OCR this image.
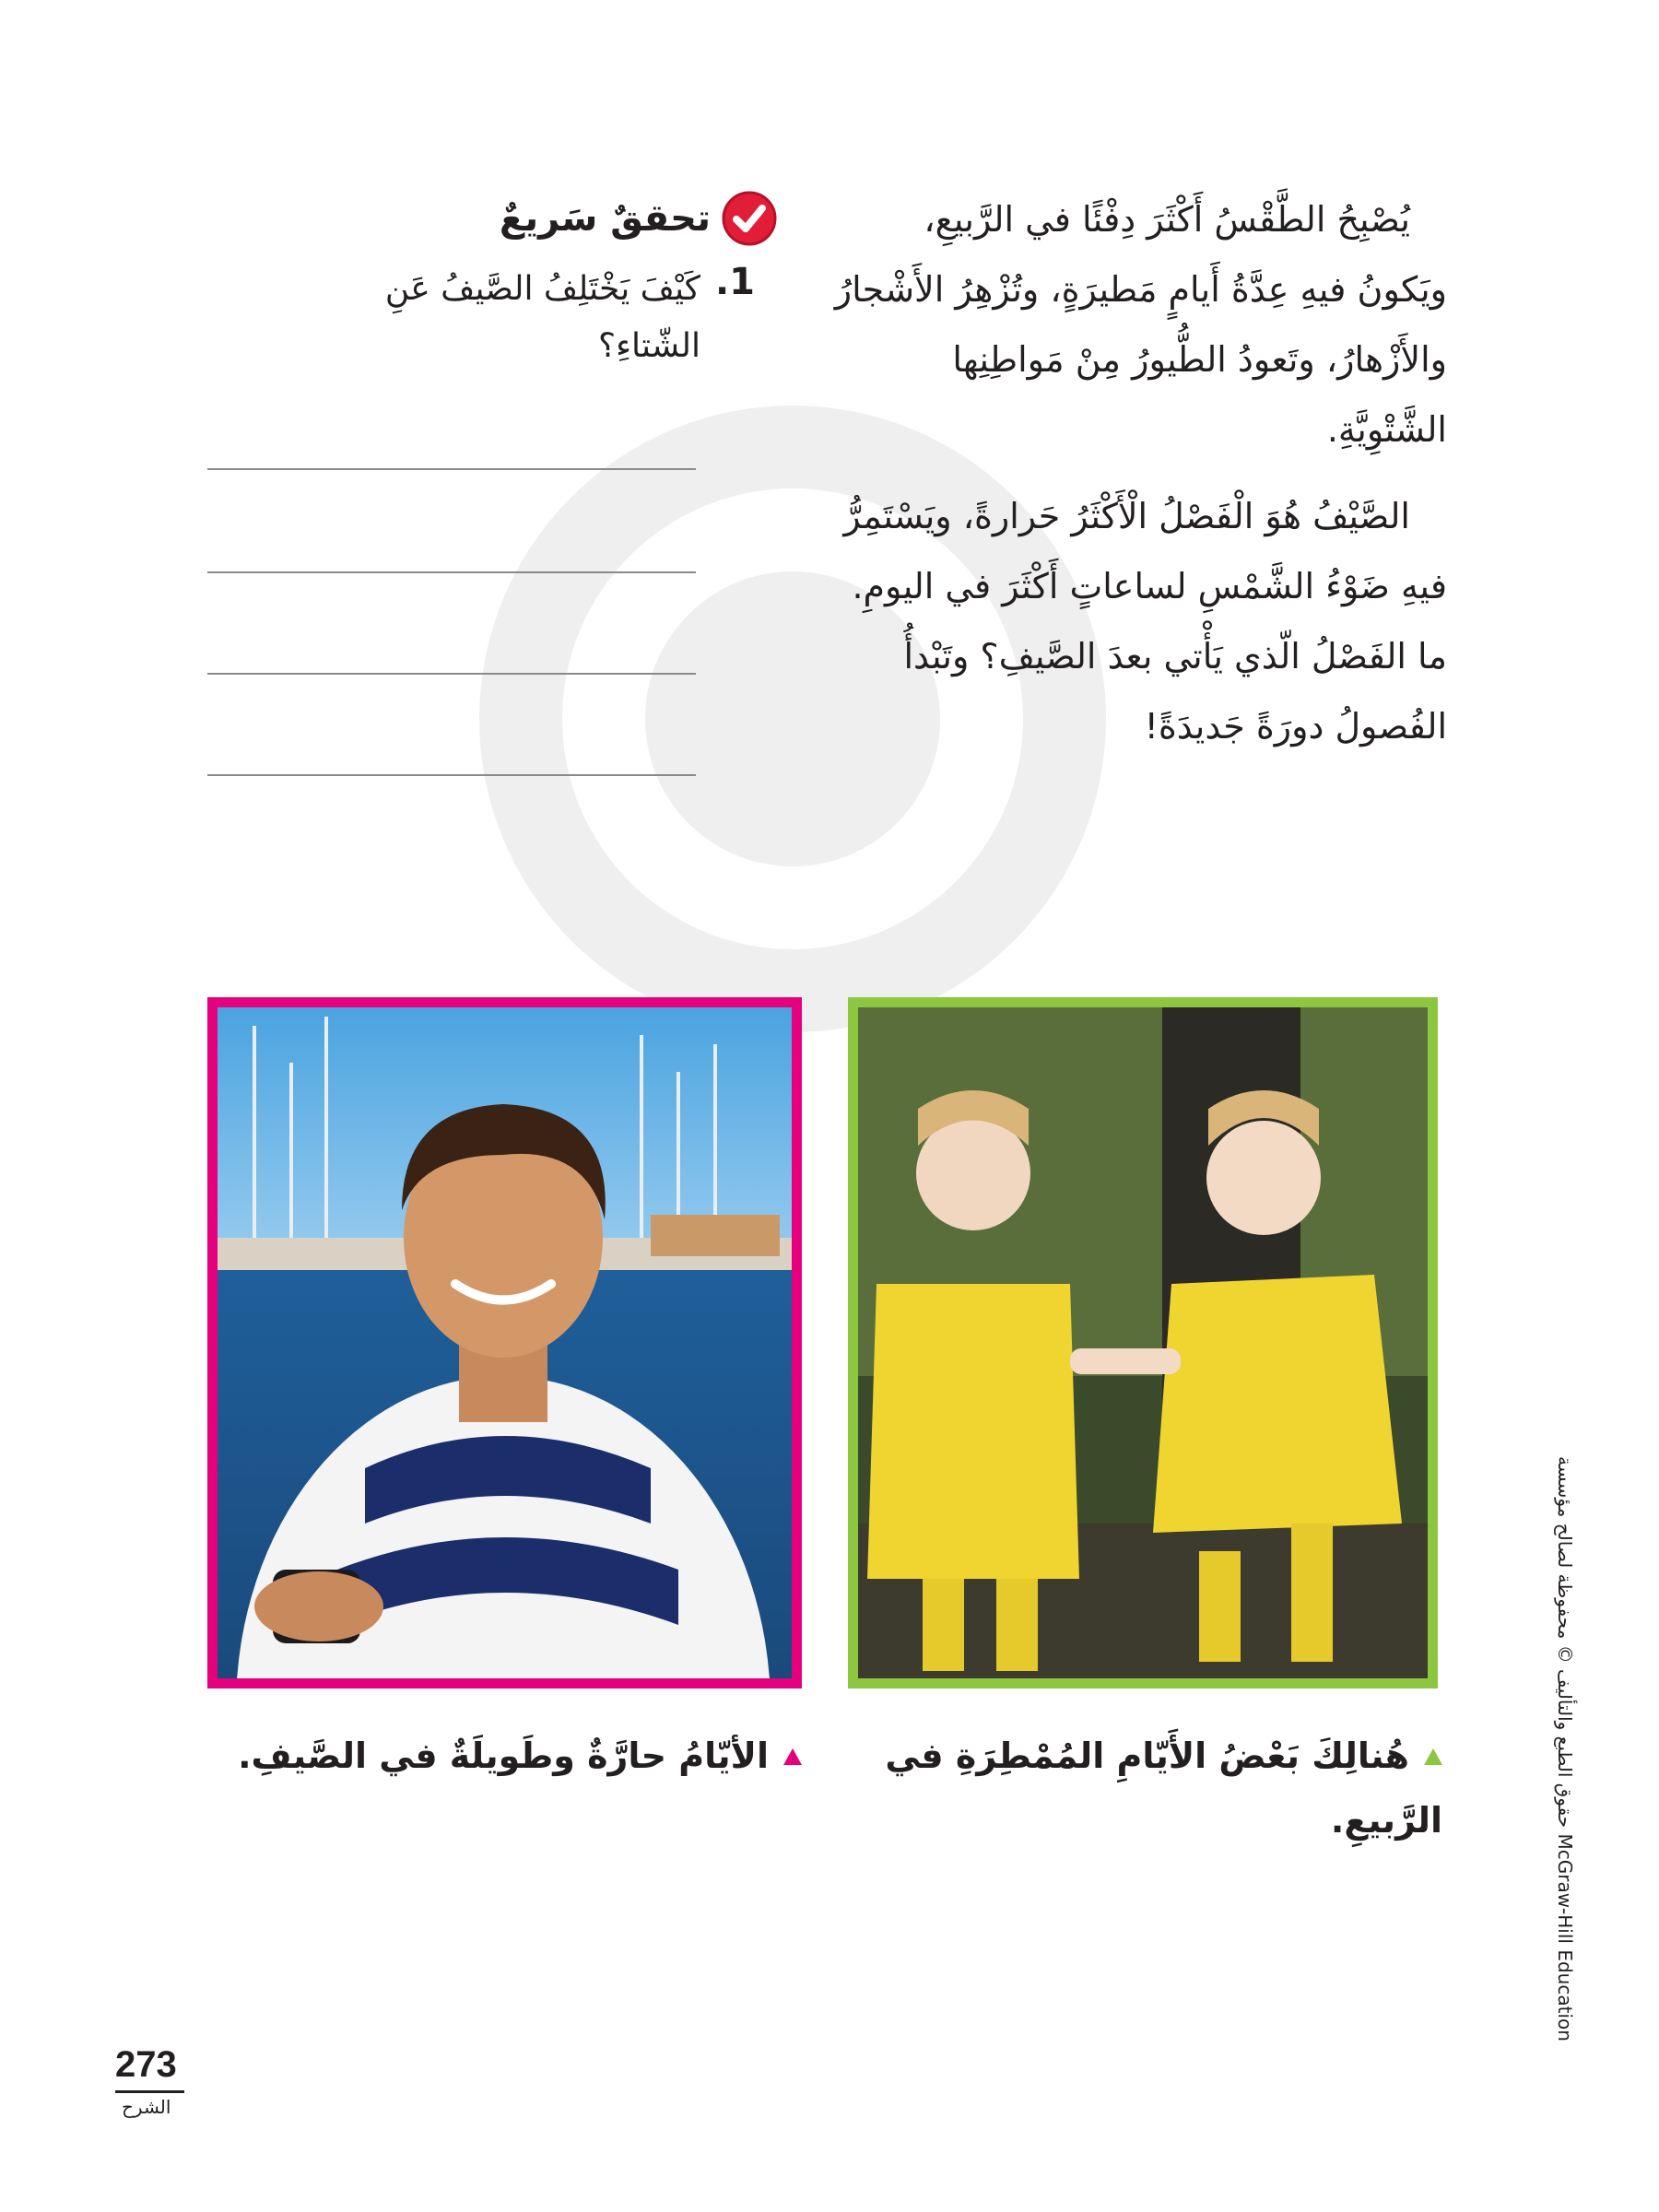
يُصْبِحُ الطَّقْسُ أَكْثَرَ دِفْئًا في الرَّبيعِ، ويَكونُ فيهِ عِدَّةُ أَيامٍ مَطيرَةٍ، وتُزْهِرُ الأَشْجارُ والأَزْهارُ، وتَعودُ الطُّيورُ مِنْ مَواطِنِها الشَّتْوِيَّةِ.

الصَّيْفُ هُوَ الْفَصْلُ الْأَكْثَرُ حَرارةً، ويَسْتَمِرُّ فيهِ ضَوْءُ الشَّمْسِ لساعاتٍ أَكْثَرَ في اليومِ. ما الفَصْلُ الّذي يَأْتي بعدَ الصَّيفِ؟ وتَبْدأُ الفُصولُ دورَةً جَديدَةً!

تحققٌ سَريعٌ
1.
كَيْفَ يَخْتَلِفُ الصَّيفُ عَنِ الشّتاءِ؟
هُنالِكَ بَعْضُ الأَيّامِ المُمْطِرَةِ في الرَّبيعِ.
الأيّامُ حارَّةٌ وطَويلَةٌ في الصَّيفِ.	حقوق الطبع والتأليف © محفوظة لصالح مؤسسة McGraw-Hill Education
273
الشرح
